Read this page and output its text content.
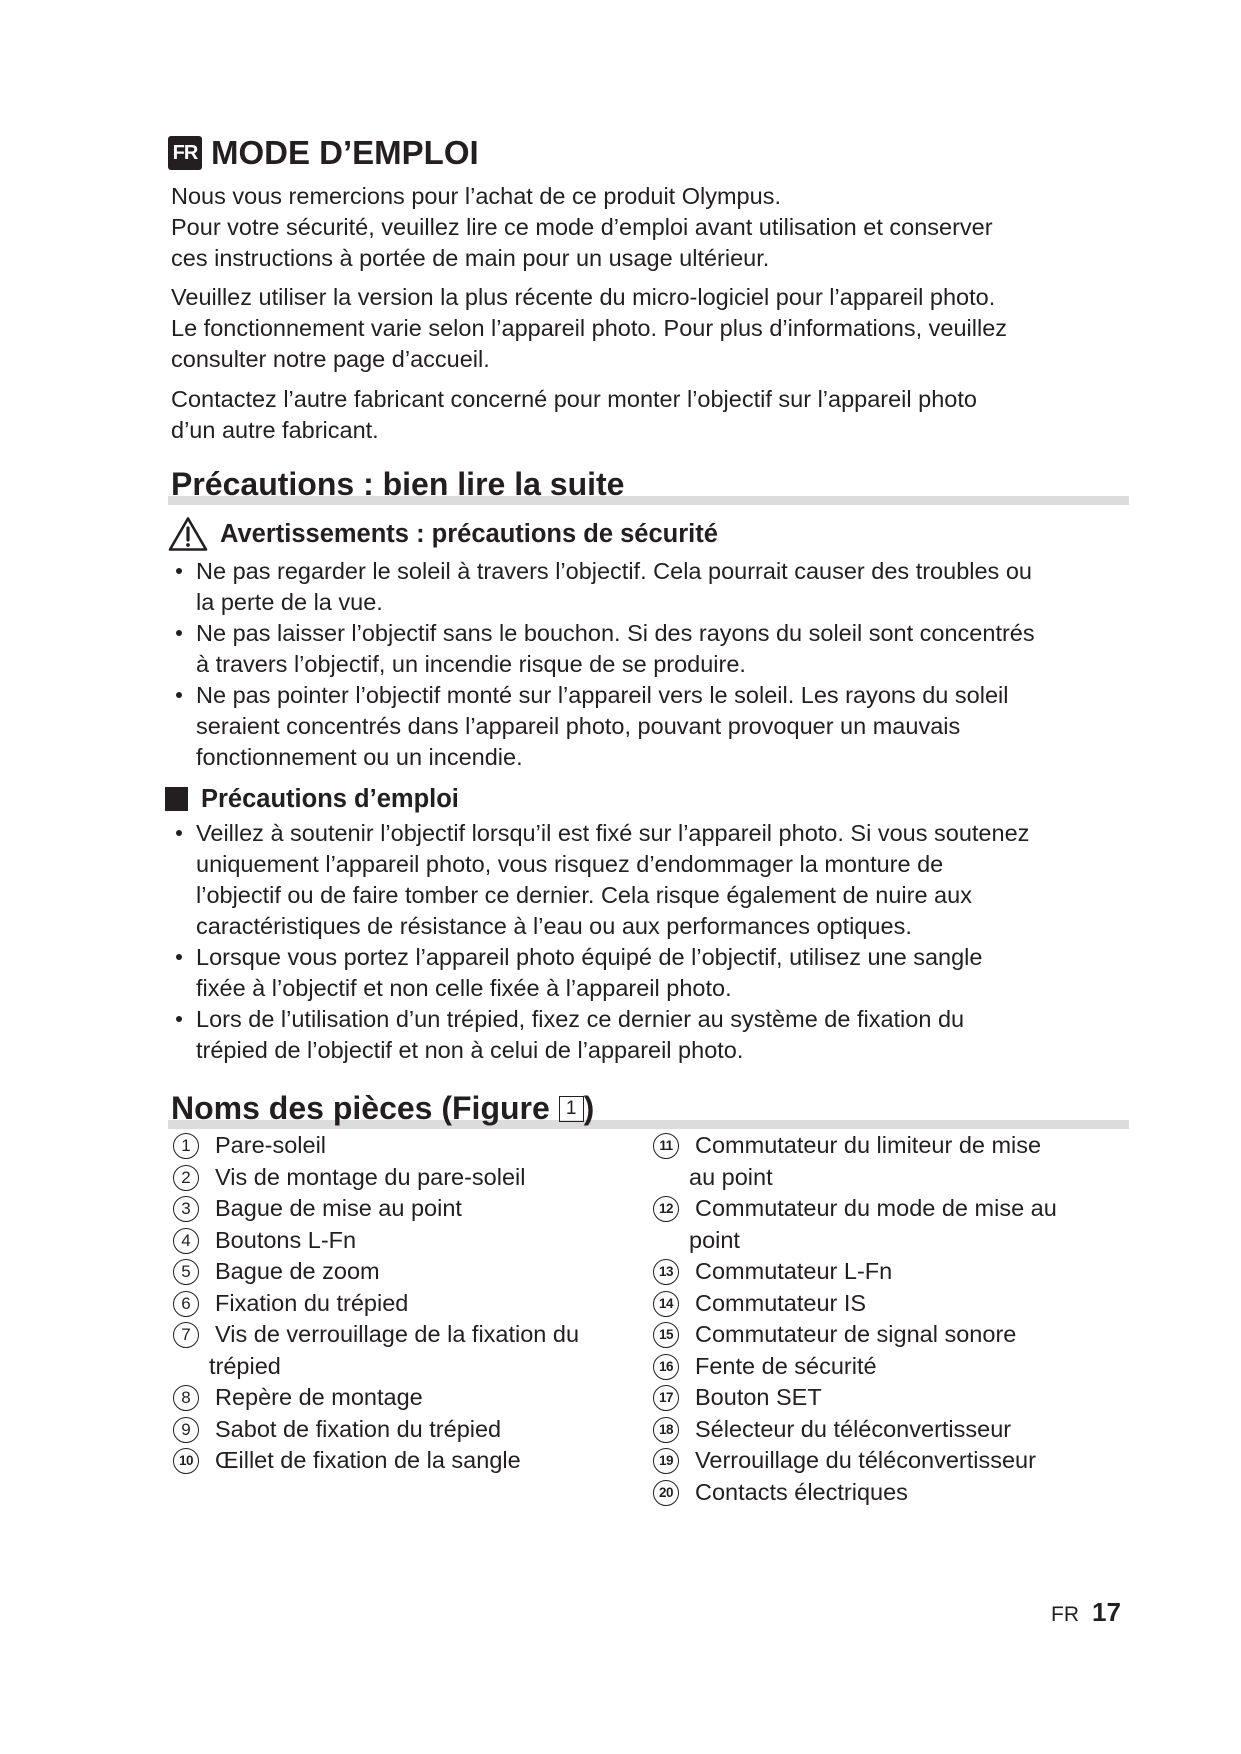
FR MODE D’EMPLOI
Nous vous remercions pour l’achat de ce produit Olympus.
Pour votre sécurité, veuillez lire ce mode d’emploi avant utilisation et conserver
ces instructions à portée de main pour un usage ultérieur.
Veuillez utiliser la version la plus récente du micro-logiciel pour l’appareil photo.
Le fonctionnement varie selon l’appareil photo. Pour plus d’informations, veuillez
consulter notre page d’accueil.
Contactez l’autre fabricant concerné pour monter l’objectif sur l’appareil photo
d’un autre fabricant.
Précautions : bien lire la suite
Avertissements : précautions de sécurité
Ne pas regarder le soleil à travers l’objectif. Cela pourrait causer des troubles ou
la perte de la vue.
Ne pas laisser l’objectif sans le bouchon. Si des rayons du soleil sont concentrés
à travers l’objectif, un incendie risque de se produire.
Ne pas pointer l’objectif monté sur l’appareil vers le soleil. Les rayons du soleil
seraient concentrés dans l’appareil photo, pouvant provoquer un mauvais
fonctionnement ou un incendie.
Précautions d’emploi
Veillez à soutenir l’objectif lorsqu’il est fixé sur l’appareil photo. Si vous soutenez
uniquement l’appareil photo, vous risquez d’endommager la monture de
l’objectif ou de faire tomber ce dernier. Cela risque également de nuire aux
caractéristiques de résistance à l’eau ou aux performances optiques.
Lorsque vous portez l’appareil photo équipé de l’objectif, utilisez une sangle
fixée à l’objectif et non celle fixée à l’appareil photo.
Lors de l’utilisation d’un trépied, fixez ce dernier au système de fixation du
trépied de l’objectif et non à celui de l’appareil photo.
Noms des pièces (Figure 1 )
1	Pare-soleil
2	Vis de montage du pare-soleil
3	Bague de mise au point
4	Boutons L-Fn
5	Bague de zoom
6	Fixation du trépied
7	Vis de verrouillage de la fixation du
trépied
8	Repère de montage
9	Sabot de fixation du trépied
10 Œillet de fixation de la sangle
11 Commutateur du limiteur de mise
au point
12 Commutateur du mode de mise au
point
13 Commutateur L-Fn
14 Commutateur IS
15 Commutateur de signal sonore
16 Fente de sécurité
17 Bouton SET
18 Sélecteur du téléconvertisseur
19 Verrouillage du téléconvertisseur
20 Contacts électriques
FR 17
